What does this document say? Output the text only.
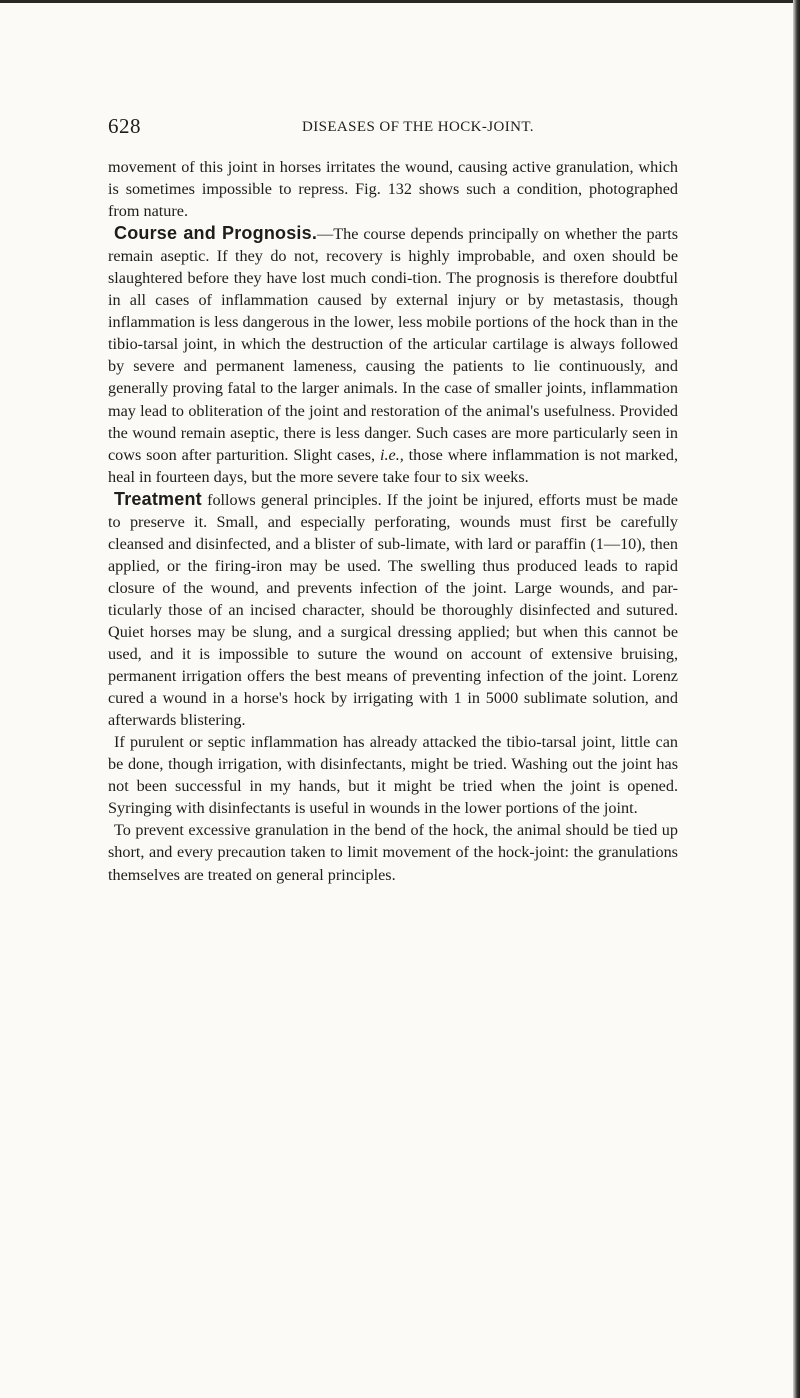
628	DISEASES OF THE HOCK-JOINT.

movement of this joint in horses irritates the wound, causing active granulation, which is sometimes impossible to repress. Fig. 132 shows such a condition, photographed from nature.

Course and Prognosis.—The course depends principally on whether the parts remain aseptic. If they do not, recovery is highly improbable, and oxen should be slaughtered before they have lost much condi-tion. The prognosis is therefore doubtful in all cases of inflammation caused by external injury or by metastasis, though inflammation is less dangerous in the lower, less mobile portions of the hock than in the tibio-tarsal joint, in which the destruction of the articular cartilage is always followed by severe and permanent lameness, causing the patients to lie continuously, and generally proving fatal to the larger animals. In the case of smaller joints, inflammation may lead to obliteration of the joint and restoration of the animal's usefulness. Provided the wound remain aseptic, there is less danger. Such cases are more particularly seen in cows soon after parturition. Slight cases, i.e., those where inflammation is not marked, heal in fourteen days, but the more severe take four to six weeks.

Treatment follows general principles. If the joint be injured, efforts must be made to preserve it. Small, and especially perforating, wounds must first be carefully cleansed and disinfected, and a blister of sub-limate, with lard or paraffin (1—10), then applied, or the firing-iron may be used. The swelling thus produced leads to rapid closure of the wound, and prevents infection of the joint. Large wounds, and par-ticularly those of an incised character, should be thoroughly disinfected and sutured. Quiet horses may be slung, and a surgical dressing applied; but when this cannot be used, and it is impossible to suture the wound on account of extensive bruising, permanent irrigation offers the best means of preventing infection of the joint. Lorenz cured a wound in a horse's hock by irrigating with 1 in 5000 sublimate solution, and afterwards blistering.

If purulent or septic inflammation has already attacked the tibio-tarsal joint, little can be done, though irrigation, with disinfectants, might be tried. Washing out the joint has not been successful in my hands, but it might be tried when the joint is opened. Syringing with disinfectants is useful in wounds in the lower portions of the joint.

To prevent excessive granulation in the bend of the hock, the animal should be tied up short, and every precaution taken to limit movement of the hock-joint: the granulations themselves are treated on general principles.
